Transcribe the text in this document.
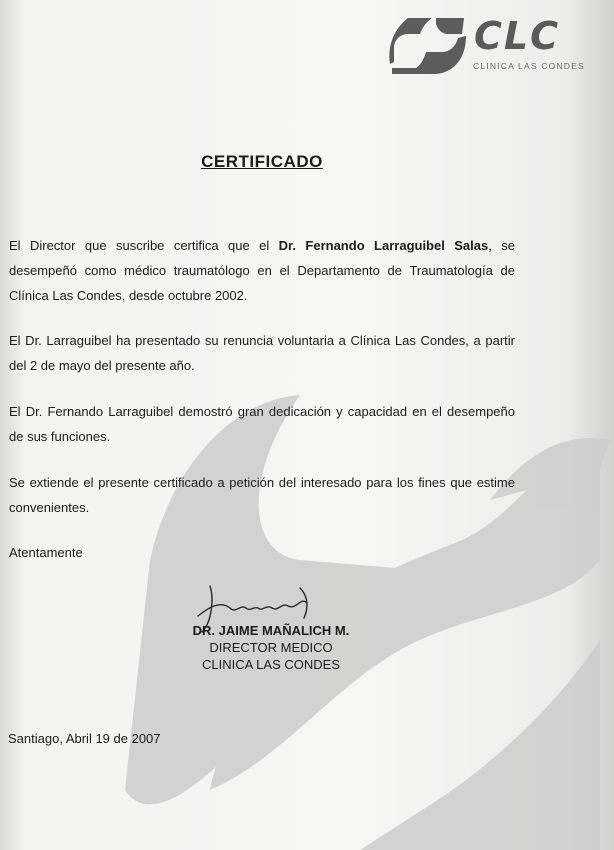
CLC
CLINICA LAS CONDES
CERTIFICADO
El Director que suscribe certifica que el Dr. Fernando Larraguibel Salas, se desempeñó como médico traumatólogo en el Departamento de Traumatología de Clínica Las Condes, desde octubre 2002.
El Dr. Larraguibel ha presentado su renuncia voluntaria a Clínica Las Condes, a partir del 2 de mayo del presente año.
El Dr. Fernando Larraguibel demostró gran dedicación y capacidad en el desempeño de sus funciones.
Se extiende el presente certificado a petición del interesado para los fines que estime convenientes.
Atentamente
DR. JAIME MAÑALICH M.
DIRECTOR MEDICO
CLINICA LAS CONDES
Santiago, Abril 19 de 2007
